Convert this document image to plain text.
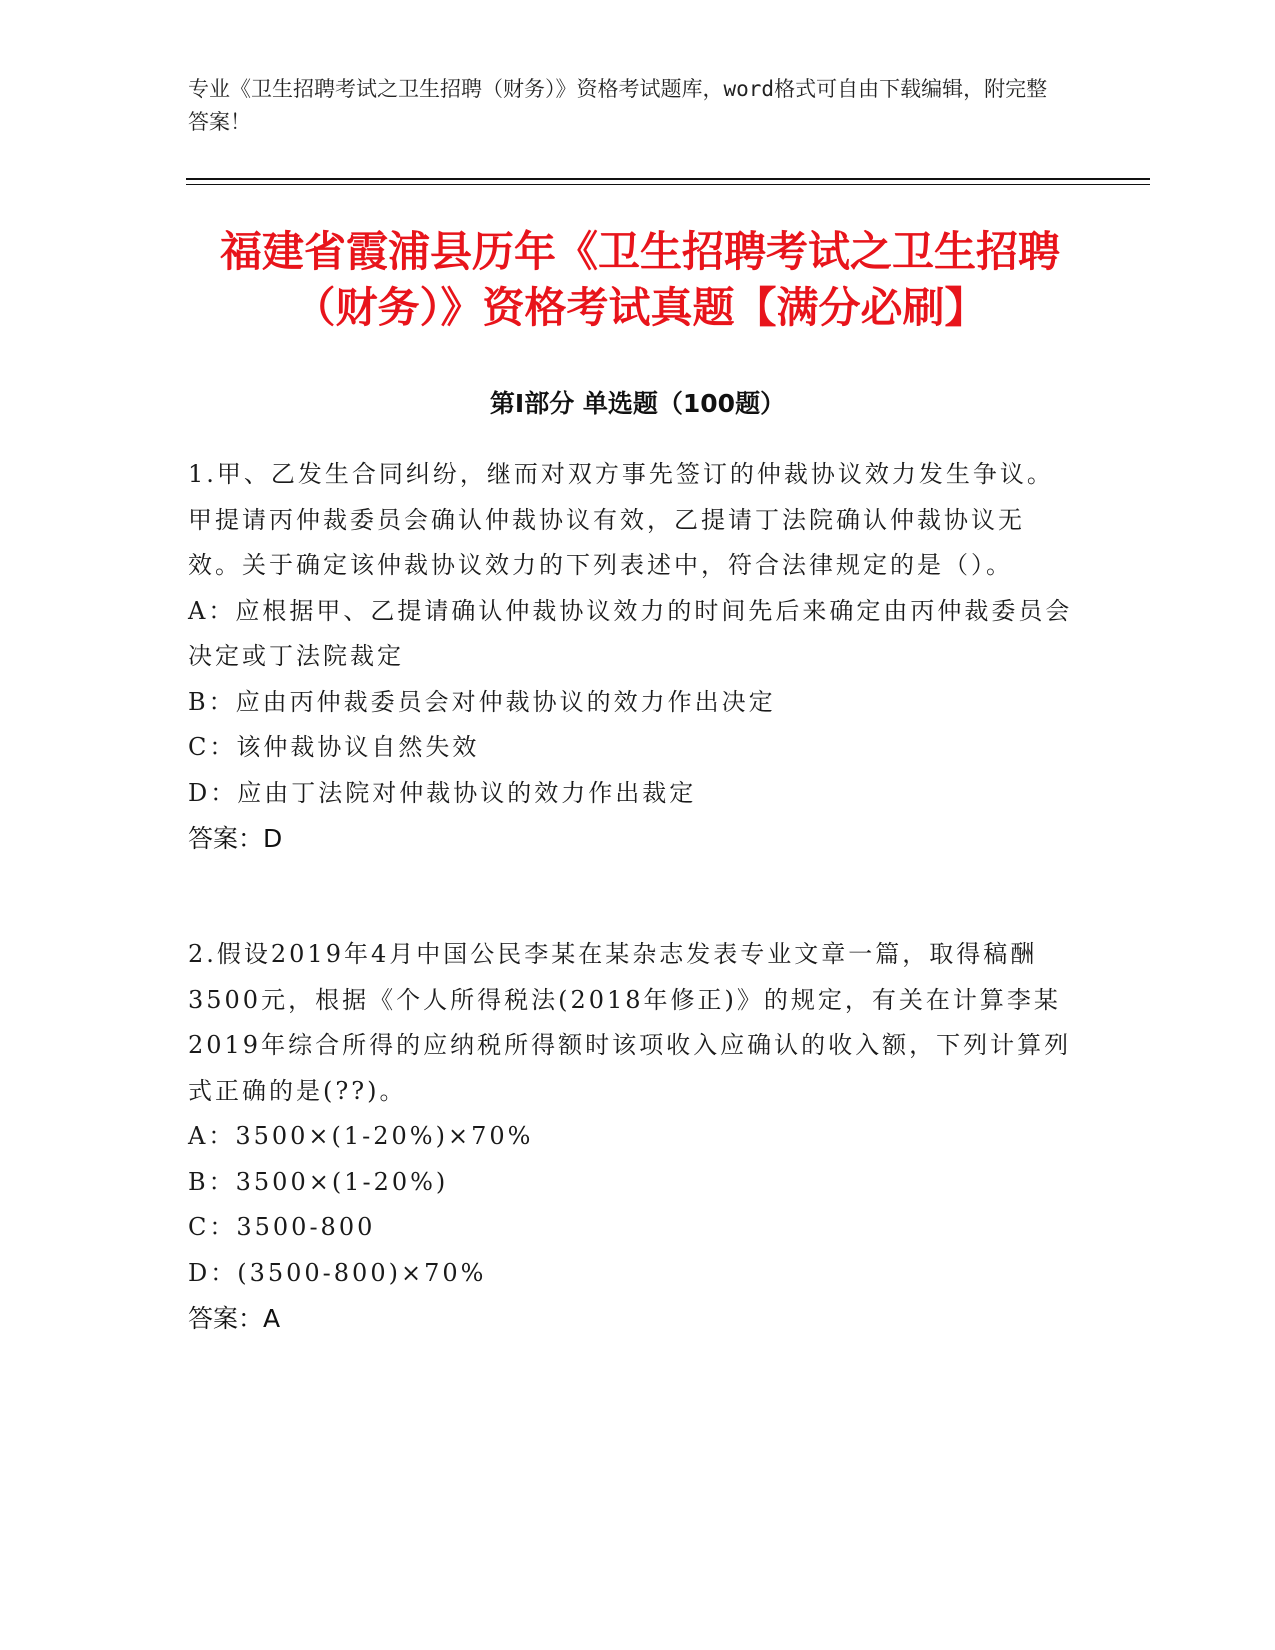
专业《卫生招聘考试之卫生招聘（财务）》资格考试题库，word格式可自由下载编辑，附完整答案！
福建省霞浦县历年《卫生招聘考试之卫生招聘（财务）》资格考试真题【满分必刷】
第Ⅰ部分 单选题（100题）
1.甲、乙发生合同纠纷，继而对双方事先签订的仲裁协议效力发生争议。甲提请丙仲裁委员会确认仲裁协议有效，乙提请丁法院确认仲裁协议无效。关于确定该仲裁协议效力的下列表述中，符合法律规定的是（）。
A：应根据甲、乙提请确认仲裁协议效力的时间先后来确定由丙仲裁委员会决定或丁法院裁定
B：应由丙仲裁委员会对仲裁协议的效力作出决定
C：该仲裁协议自然失效
D：应由丁法院对仲裁协议的效力作出裁定
答案：D
2.假设2019年4月中国公民李某在某杂志发表专业文章一篇，取得稿酬3500元，根据《个人所得税法(2018年修正)》的规定，有关在计算李某2019年综合所得的应纳税所得额时该项收入应确认的收入额，下列计算列式正确的是(??)。
A：3500×(1-20%)×70%
B：3500×(1-20%)
C：3500-800
D：(3500-800)×70%
答案：A
